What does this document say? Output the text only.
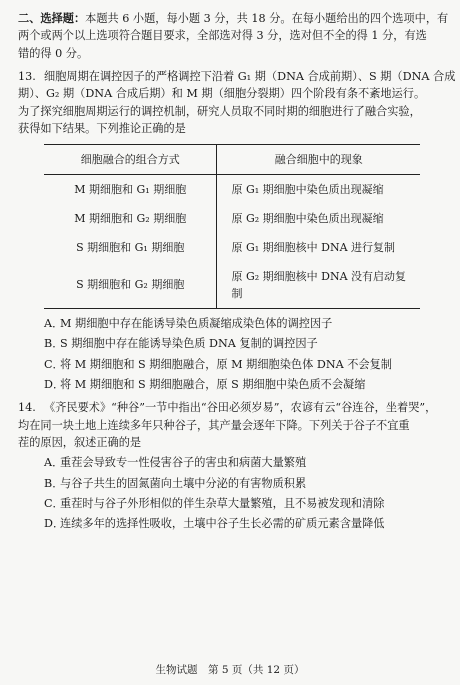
二、选择题：本题共 6 小题，每小题 3 分，共 18 分。在每小题给出的四个选项中，有
两个或两个以上选项符合题目要求，全部选对得 3 分，选对但不全的得 1 分，有选
错的得 0 分。
13. 细胞周期在调控因子的严格调控下沿着 G₁ 期（DNA 合成前期）、S 期（DNA 合成
期）、G₂ 期（DNA 合成后期）和 M 期（细胞分裂期）四个阶段有条不紊地运行。
为了探究细胞周期运行的调控机制，研究人员取不同时期的细胞进行了融合实验，
获得如下结果。下列推论正确的是
细胞融合的组合方式	融合细胞中的现象
M 期细胞和 G₁ 期细胞	原 G₁ 期细胞中染色质出现凝缩
M 期细胞和 G₂ 期细胞	原 G₂ 期细胞中染色质出现凝缩
S 期细胞和 G₁ 期细胞	原 G₁ 期细胞核中 DNA 进行复制
S 期细胞和 G₂ 期细胞	原 G₂ 期细胞核中 DNA 没有启动复制
A．M 期细胞中存在能诱导染色质凝缩成染色体的调控因子
B．S 期细胞中存在能诱导染色质 DNA 复制的调控因子
C．将 M 期细胞和 S 期细胞融合，原 M 期细胞染色体 DNA 不会复制
D．将 M 期细胞和 S 期细胞融合，原 S 期细胞中染色质不会凝缩
14. 《齐民要术》“种谷”一节中指出“谷田必须岁易”，农谚有云“谷连谷，坐着哭”，
均在同一块土地上连续多年只种谷子，其产量会逐年下降。下列关于谷子不宜重
茬的原因，叙述正确的是
A．重茬会导致专一性侵害谷子的害虫和病菌大量繁殖
B．与谷子共生的固氮菌向土壤中分泌的有害物质积累
C．重茬时与谷子外形相似的伴生杂草大量繁殖，且不易被发现和清除
D．连续多年的选择性吸收，土壤中谷子生长必需的矿质元素含量降低
生物试题　第 5 页（共 12 页）
